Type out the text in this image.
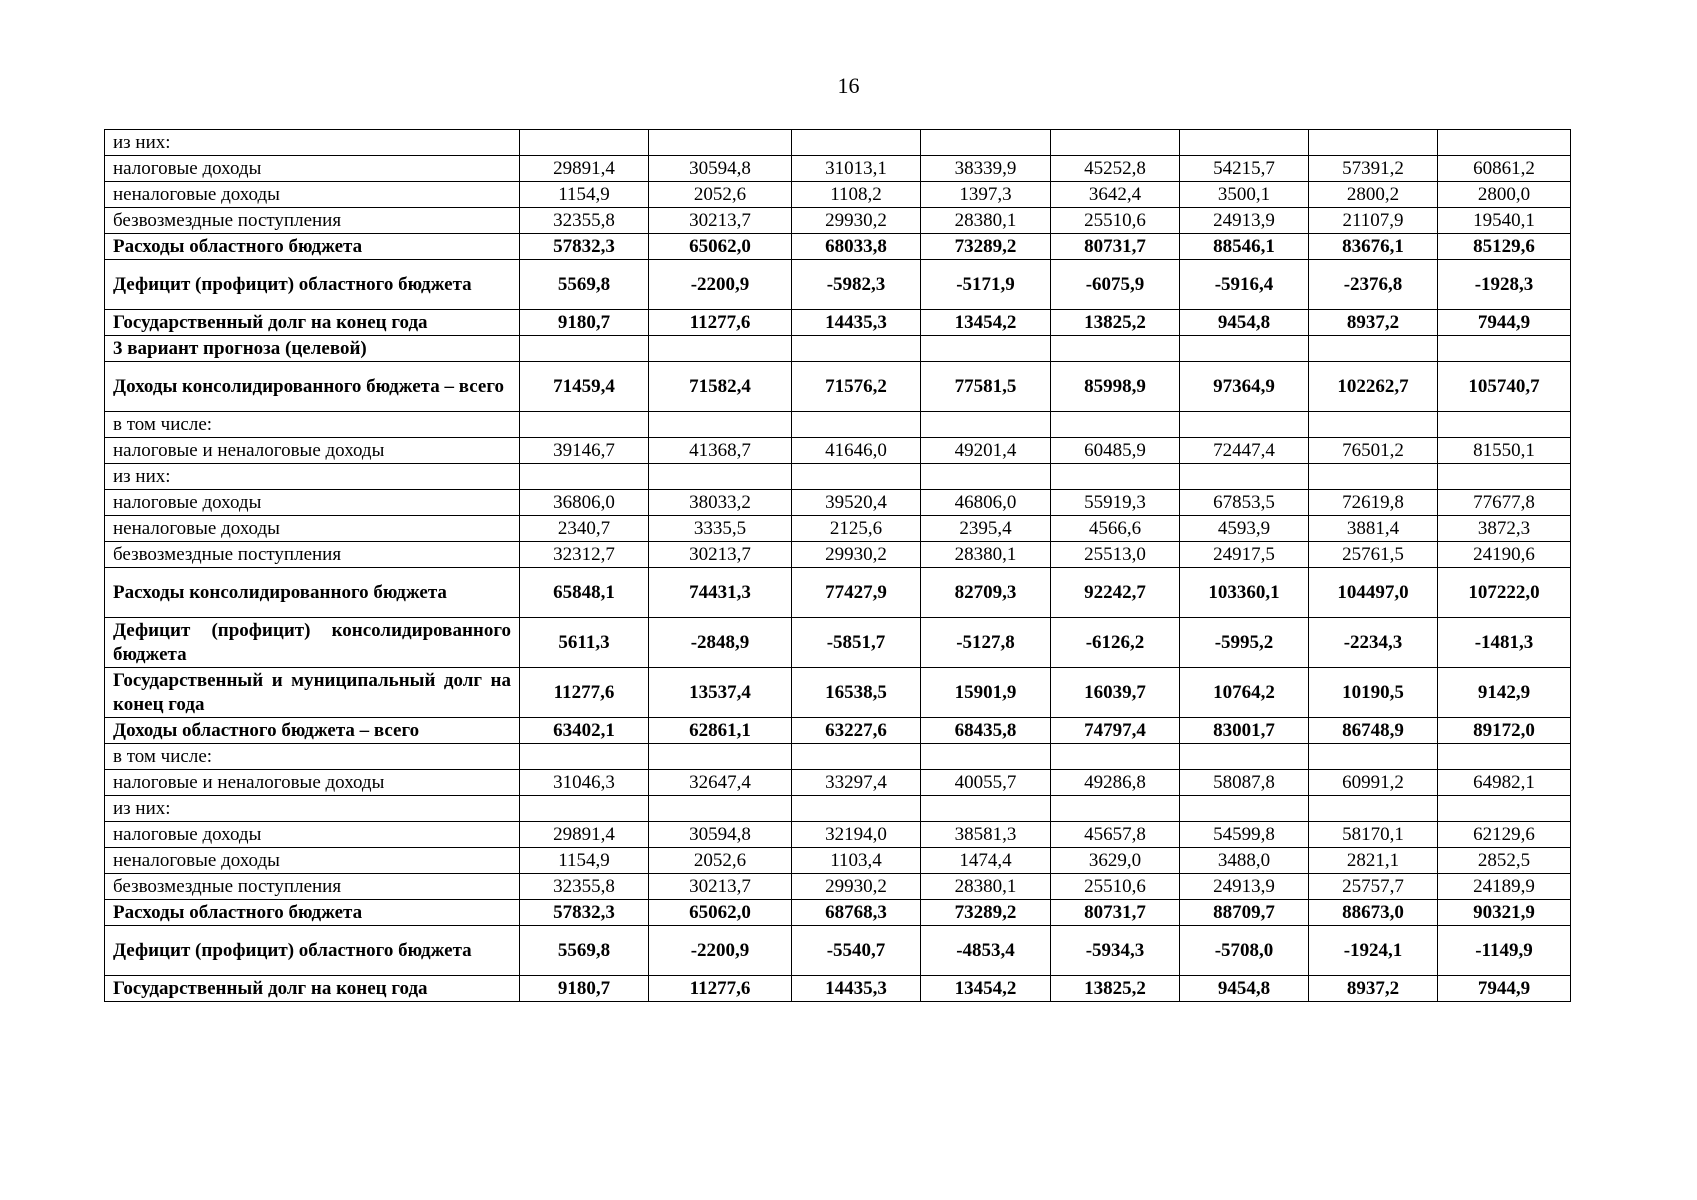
16
из них:								
налоговые доходы	29891,4	30594,8	31013,1	38339,9	45252,8	54215,7	57391,2	60861,2
неналоговые доходы	1154,9	2052,6	1108,2	1397,3	3642,4	3500,1	2800,2	2800,0
безвозмездные поступления	32355,8	30213,7	29930,2	28380,1	25510,6	24913,9	21107,9	19540,1
Расходы областного бюджета	57832,3	65062,0	68033,8	73289,2	80731,7	88546,1	83676,1	85129,6
Дефицит (профицит) областного бюджета	5569,8	-2200,9	-5982,3	-5171,9	-6075,9	-5916,4	-2376,8	-1928,3
Государственный долг на конец года	9180,7	11277,6	14435,3	13454,2	13825,2	9454,8	8937,2	7944,9
3 вариант прогноза (целевой)								
Доходы консолидированного бюджета – всего	71459,4	71582,4	71576,2	77581,5	85998,9	97364,9	102262,7	105740,7
в том числе:								
налоговые и неналоговые доходы	39146,7	41368,7	41646,0	49201,4	60485,9	72447,4	76501,2	81550,1
из них:								
налоговые доходы	36806,0	38033,2	39520,4	46806,0	55919,3	67853,5	72619,8	77677,8
неналоговые доходы	2340,7	3335,5	2125,6	2395,4	4566,6	4593,9	3881,4	3872,3
безвозмездные поступления	32312,7	30213,7	29930,2	28380,1	25513,0	24917,5	25761,5	24190,6
Расходы консолидированного бюджета	65848,1	74431,3	77427,9	82709,3	92242,7	103360,1	104497,0	107222,0
Дефицит (профицит) консолидированного бюджета	5611,3	-2848,9	-5851,7	-5127,8	-6126,2	-5995,2	-2234,3	-1481,3
Государственный и муниципальный долг на конец года	11277,6	13537,4	16538,5	15901,9	16039,7	10764,2	10190,5	9142,9
Доходы областного бюджета – всего	63402,1	62861,1	63227,6	68435,8	74797,4	83001,7	86748,9	89172,0
в том числе:								
налоговые и неналоговые доходы	31046,3	32647,4	33297,4	40055,7	49286,8	58087,8	60991,2	64982,1
из них:								
налоговые доходы	29891,4	30594,8	32194,0	38581,3	45657,8	54599,8	58170,1	62129,6
неналоговые доходы	1154,9	2052,6	1103,4	1474,4	3629,0	3488,0	2821,1	2852,5
безвозмездные поступления	32355,8	30213,7	29930,2	28380,1	25510,6	24913,9	25757,7	24189,9
Расходы областного бюджета	57832,3	65062,0	68768,3	73289,2	80731,7	88709,7	88673,0	90321,9
Дефицит (профицит) областного бюджета	5569,8	-2200,9	-5540,7	-4853,4	-5934,3	-5708,0	-1924,1	-1149,9
Государственный долг на конец года	9180,7	11277,6	14435,3	13454,2	13825,2	9454,8	8937,2	7944,9
